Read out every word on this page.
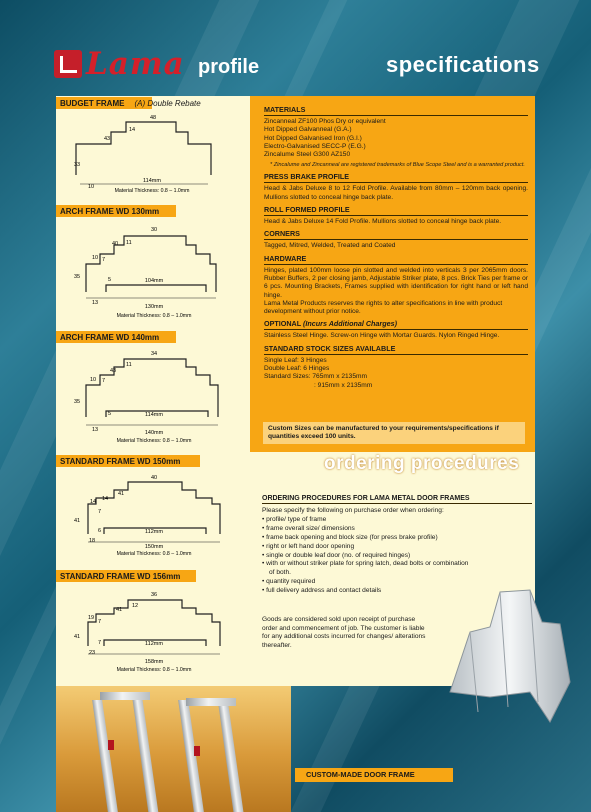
Lama profile	specifications
BUDGET FRAME (A) Double Rebate
48
43
14
33
10
114mm
Material Thickness: 0.8 – 1.0mm
ARCH FRAME WD 130mm
30
40 11
10 7
35	5	104mm
13
130mm
Material Thickness: 0.8 – 1.0mm
ARCH FRAME WD 140mm
34
43
11
10 7
35
5	114mm
13	140mm
Material Thickness: 0.8 – 1.0mm
STANDARD FRAME WD 150mm
40
41
14
14
7
41
6	112mm
18
150mm
Material Thickness: 0.8 – 1.0mm
STANDARD FRAME WD 156mm
36
41
12
19
7
41
7	112mm
23
158mm
Material Thickness: 0.8 – 1.0mm
MATERIALS
Zincanneal ZF100 Phos Dry or equivalent
Hot Dipped Galvanneal (G.A.)
Hot Dipped Galvanised Iron (G.I.)
Electro-Galvanised SECC-P (E.G.)
Zincalume Steel G300 AZ150
* Zincalume and Zincanneal are registered trademarks of Blue Scope Steel and is a warranted product.
PRESS BRAKE PROFILE
Head & Jabs Deluxe 8 to 12 Fold Profile. Available from 80mm – 120mm back opening. Mullions slotted to conceal hinge back plate.
ROLL FORMED PROFILE
Head & Jabs Deluxe 14 Fold Profile. Mullions slotted to conceal hinge back plate.
CORNERS
Tagged, Mitred, Welded, Treated and Coated
HARDWARE
Hinges, plated 100mm loose pin slotted and welded into verticals 3 per 2065mm doors. Rubber Buffers, 2 per closing jamb, Adjustable Striker plate, 8 pcs. Brick Ties per frame or 6 pcs. Mounting Brackets, Frames supplied with identification for right hand or left hand hinge.
Lama Metal Products reserves the rights to alter specifications in line with product development without prior notice.
OPTIONAL (Incurs Additional Charges)
Stainless Steel Hinge. Screw-on Hinge with Mortar Guards. Nylon Ringed Hinge.
STANDARD STOCK SIZES AVAILABLE
Single Leaf: 3 Hinges
Double Leaf: 6 Hinges
Standard Sizes: 765mm x 2135mm
: 915mm x 2135mm
Custom Sizes can be manufactured to your requirements/specifications if quantities exceed 100 units.
ordering procedures
ORDERING PROCEDURES FOR LAMA METAL DOOR FRAMES
Please specify the following on purchase order when ordering:
• profile/ type of frame
• frame overall size/ dimensions
• frame back opening and block size (for press brake profile)
• right or left hand door opening
• single or double leaf door (no. of required hinges)
• with or without striker plate for spring latch, dead bolts or combination
of both.
• quantity required
• full delivery address and contact details
Goods are considered sold upon receipt of purchase order and commencement of job. The customer is liable for any additional costs incurred for changes/ alterations thereafter.
CUSTOM-MADE DOOR FRAME
